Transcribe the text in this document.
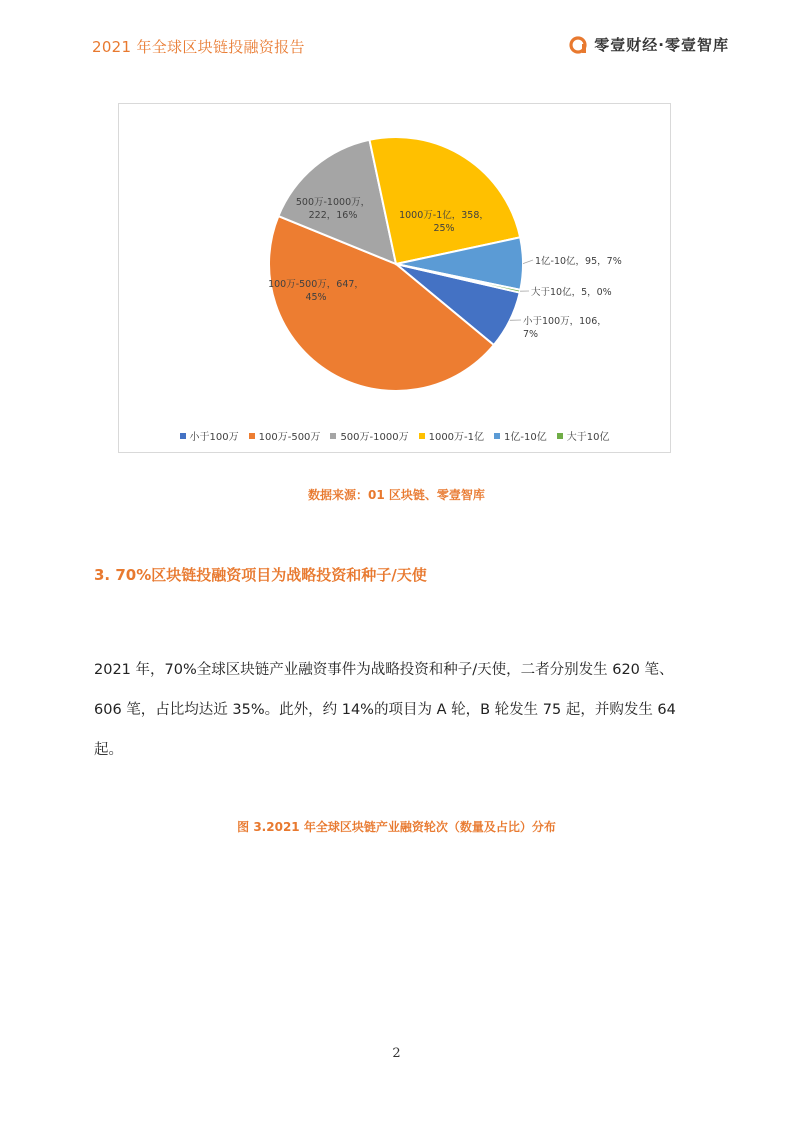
2021 年全球区块链投融资报告	零壹财经·零壹智库
小于100万，106， 7%
100万-500万，647， 45%
500万-1000万， 222，16%	1000万-1亿，358， 25%
1亿-10亿，95，7%
大于10亿，5，0%
小于100万 100万-500万 500万-1000万 1000万-1亿 1亿-10亿 大于10亿
数据来源：01 区块链、零壹智库
3. 70%区块链投融资项目为战略投资和种子/天使
2021 年，70%全球区块链产业融资事件为战略投资和种子/天使，二者分别发生 620 笔、
606 笔，占比均达近 35%。此外，约 14%的项目为 A 轮，B 轮发生 75 起，并购发生 64
起。
图 3.2021 年全球区块链产业融资轮次（数量及占比）分布
2
